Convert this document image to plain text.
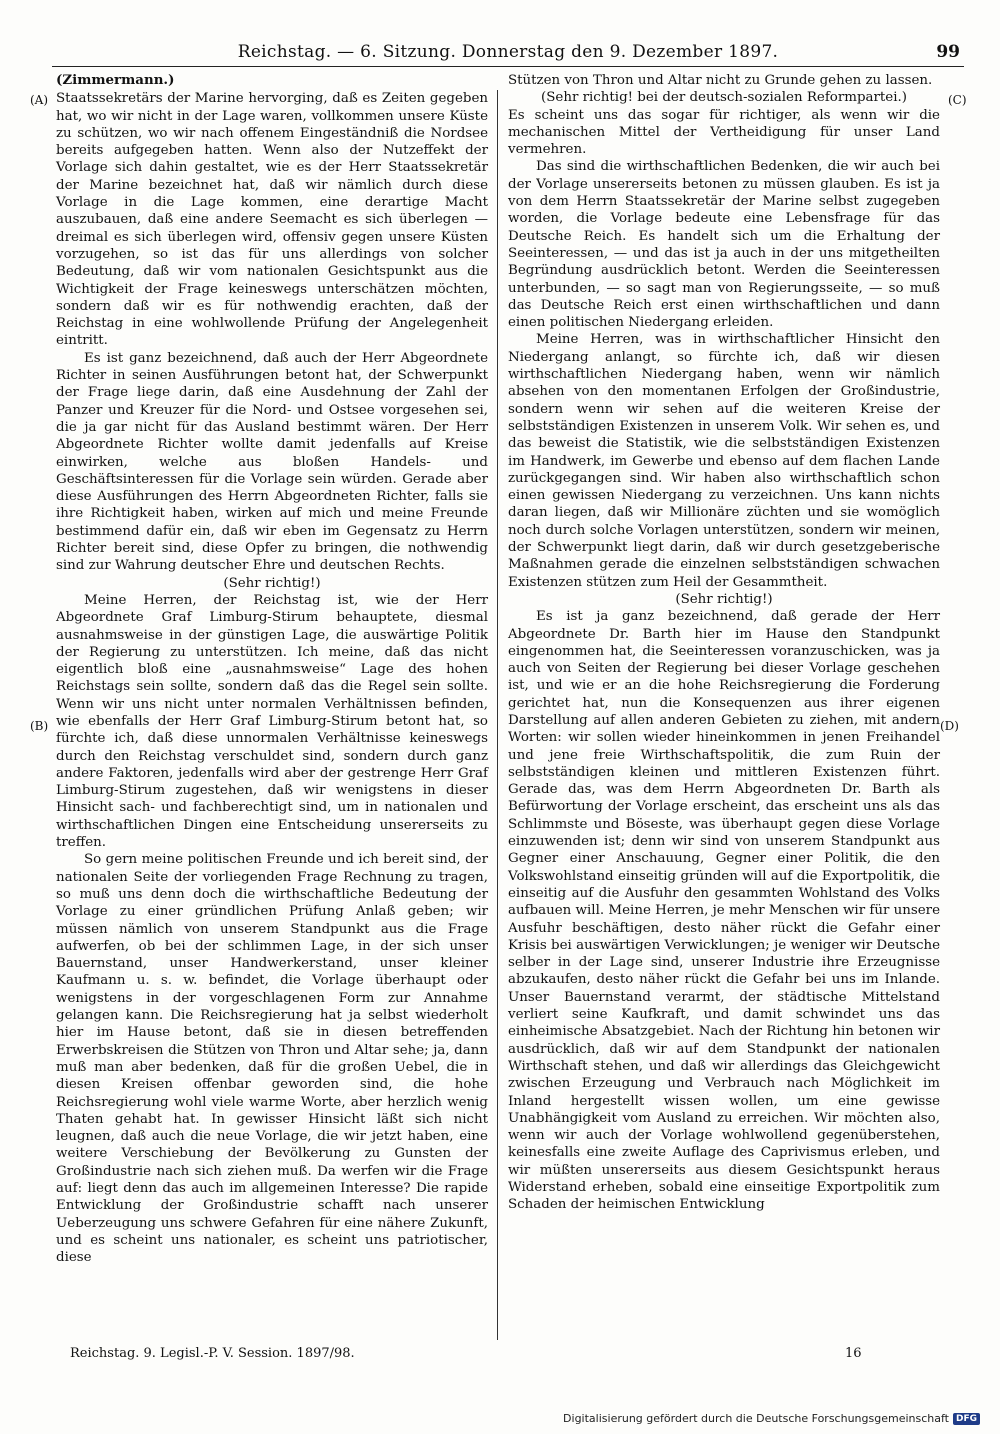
Reichstag. — 6. Sitzung. Donnerstag den 9. Dezember 1897.	99
(A)
(B)
(C)
(D)

(Zimmermann.)

Staatssekretärs der Marine hervorging, daß es Zeiten gegeben hat, wo wir nicht in der Lage waren, vollkommen unsere Küste zu schützen, wo wir nach offenem Eingeständniß die Nordsee bereits aufgegeben hatten. Wenn also der Nutzeffekt der Vorlage sich dahin gestaltet, wie es der Herr Staatssekretär der Marine bezeichnet hat, daß wir nämlich durch diese Vorlage in die Lage kommen, eine derartige Macht auszubauen, daß eine andere Seemacht es sich überlegen — dreimal es sich überlegen wird, offensiv gegen unsere Küsten vorzugehen, so ist das für uns allerdings von solcher Bedeutung, daß wir vom nationalen Gesichtspunkt aus die Wichtigkeit der Frage keineswegs unterschätzen möchten, sondern daß wir es für nothwendig erachten, daß der Reichstag in eine wohlwollende Prüfung der Angelegenheit eintritt.

Es ist ganz bezeichnend, daß auch der Herr Abgeordnete Richter in seinen Ausführungen betont hat, der Schwerpunkt der Frage liege darin, daß eine Ausdehnung der Zahl der Panzer und Kreuzer für die Nord- und Ostsee vorgesehen sei, die ja gar nicht für das Ausland bestimmt wären. Der Herr Abgeordnete Richter wollte damit jedenfalls auf Kreise einwirken, welche aus bloßen Handels- und Geschäftsinteressen für die Vorlage sein würden. Gerade aber diese Ausführungen des Herrn Abgeordneten Richter, falls sie ihre Richtigkeit haben, wirken auf mich und meine Freunde bestimmend dafür ein, daß wir eben im Gegensatz zu Herrn Richter bereit sind, diese Opfer zu bringen, die nothwendig sind zur Wahrung deutscher Ehre und deutschen Rechts.

(Sehr richtig!)

Meine Herren, der Reichstag ist, wie der Herr Abgeordnete Graf Limburg-Stirum behauptete, diesmal ausnahmsweise in der günstigen Lage, die auswärtige Politik der Regierung zu unterstützen. Ich meine, daß das nicht eigentlich bloß eine „ausnahmsweise“ Lage des hohen Reichstags sein sollte, sondern daß das die Regel sein sollte. Wenn wir uns nicht unter normalen Verhältnissen befinden, wie ebenfalls der Herr Graf Limburg-Stirum betont hat, so fürchte ich, daß diese unnormalen Verhältnisse keineswegs durch den Reichstag verschuldet sind, sondern durch ganz andere Faktoren, jedenfalls wird aber der gestrenge Herr Graf Limburg-Stirum zugestehen, daß wir wenigstens in dieser Hinsicht sach- und fachberechtigt sind, um in nationalen und wirthschaftlichen Dingen eine Entscheidung unsererseits zu treffen.

So gern meine politischen Freunde und ich bereit sind, der nationalen Seite der vorliegenden Frage Rechnung zu tragen, so muß uns denn doch die wirthschaftliche Bedeutung der Vorlage zu einer gründlichen Prüfung Anlaß geben; wir müssen nämlich von unserem Standpunkt aus die Frage aufwerfen, ob bei der schlimmen Lage, in der sich unser Bauernstand, unser Handwerkerstand, unser kleiner Kaufmann u. s. w. befindet, die Vorlage überhaupt oder wenigstens in der vorgeschlagenen Form zur Annahme gelangen kann. Die Reichsregierung hat ja selbst wiederholt hier im Hause betont, daß sie in diesen betreffenden Erwerbskreisen die Stützen von Thron und Altar sehe; ja, dann muß man aber bedenken, daß für die großen Uebel, die in diesen Kreisen offenbar geworden sind, die hohe Reichsregierung wohl viele warme Worte, aber herzlich wenig Thaten gehabt hat. In gewisser Hinsicht läßt sich nicht leugnen, daß auch die neue Vorlage, die wir jetzt haben, eine weitere Verschiebung der Bevölkerung zu Gunsten der Großindustrie nach sich ziehen muß. Da werfen wir die Frage auf: liegt denn das auch im allgemeinen Interesse? Die rapide Entwicklung der Großindustrie schafft nach unserer Ueberzeugung uns schwere Gefahren für eine nähere Zukunft, und es scheint uns nationaler, es scheint uns patriotischer, diese

Stützen von Thron und Altar nicht zu Grunde gehen zu lassen.

(Sehr richtig! bei der deutsch-sozialen Reformpartei.)

Es scheint uns das sogar für richtiger, als wenn wir die mechanischen Mittel der Vertheidigung für unser Land vermehren.

Das sind die wirthschaftlichen Bedenken, die wir auch bei der Vorlage unsererseits betonen zu müssen glauben. Es ist ja von dem Herrn Staatssekretär der Marine selbst zugegeben worden, die Vorlage bedeute eine Lebensfrage für das Deutsche Reich. Es handelt sich um die Erhaltung der Seeinteressen, — und das ist ja auch in der uns mitgetheilten Begründung ausdrücklich betont. Werden die Seeinteressen unterbunden, — so sagt man von Regierungsseite, — so muß das Deutsche Reich erst einen wirthschaftlichen und dann einen politischen Niedergang erleiden.

Meine Herren, was in wirthschaftlicher Hinsicht den Niedergang anlangt, so fürchte ich, daß wir diesen wirthschaftlichen Niedergang haben, wenn wir nämlich absehen von den momentanen Erfolgen der Großindustrie, sondern wenn wir sehen auf die weiteren Kreise der selbstständigen Existenzen in unserem Volk. Wir sehen es, und das beweist die Statistik, wie die selbstständigen Existenzen im Handwerk, im Gewerbe und ebenso auf dem flachen Lande zurückgegangen sind. Wir haben also wirthschaftlich schon einen gewissen Niedergang zu verzeichnen. Uns kann nichts daran liegen, daß wir Millionäre züchten und sie womöglich noch durch solche Vorlagen unterstützen, sondern wir meinen, der Schwerpunkt liegt darin, daß wir durch gesetzgeberische Maßnahmen gerade die einzelnen selbstständigen schwachen Existenzen stützen zum Heil der Gesammtheit.

(Sehr richtig!)

Es ist ja ganz bezeichnend, daß gerade der Herr Abgeordnete Dr. Barth hier im Hause den Standpunkt eingenommen hat, die Seeinteressen voranzuschicken, was ja auch von Seiten der Regierung bei dieser Vorlage geschehen ist, und wie er an die hohe Reichsregierung die Forderung gerichtet hat, nun die Konsequenzen aus ihrer eigenen Darstellung auf allen anderen Gebieten zu ziehen, mit andern Worten: wir sollen wieder hineinkommen in jenen Freihandel und jene freie Wirthschaftspolitik, die zum Ruin der selbstständigen kleinen und mittleren Existenzen führt. Gerade das, was dem Herrn Abgeordneten Dr. Barth als Befürwortung der Vorlage erscheint, das erscheint uns als das Schlimmste und Böseste, was überhaupt gegen diese Vorlage einzuwenden ist; denn wir sind von unserem Standpunkt aus Gegner einer Anschauung, Gegner einer Politik, die den Volkswohlstand einseitig gründen will auf die Exportpolitik, die einseitig auf die Ausfuhr den gesammten Wohlstand des Volks aufbauen will. Meine Herren, je mehr Menschen wir für unsere Ausfuhr beschäftigen, desto näher rückt die Gefahr einer Krisis bei auswärtigen Verwicklungen; je weniger wir Deutsche selber in der Lage sind, unserer Industrie ihre Erzeugnisse abzukaufen, desto näher rückt die Gefahr bei uns im Inlande. Unser Bauernstand verarmt, der städtische Mittelstand verliert seine Kaufkraft, und damit schwindet uns das einheimische Absatzgebiet. Nach der Richtung hin betonen wir ausdrücklich, daß wir auf dem Standpunkt der nationalen Wirthschaft stehen, und daß wir allerdings das Gleichgewicht zwischen Erzeugung und Verbrauch nach Möglichkeit im Inland hergestellt wissen wollen, um eine gewisse Unabhängigkeit vom Ausland zu erreichen. Wir möchten also, wenn wir auch der Vorlage wohlwollend gegenüberstehen, keinesfalls eine zweite Auflage des Caprivismus erleben, und wir müßten unsererseits aus diesem Gesichtspunkt heraus Widerstand erheben, sobald eine einseitige Exportpolitik zum Schaden der heimischen Entwicklung

Reichstag. 9. Legisl.-P. V. Session. 1897/98.	16
Digitalisierung gefördert durch die Deutsche Forschungsgemeinschaft DFG
